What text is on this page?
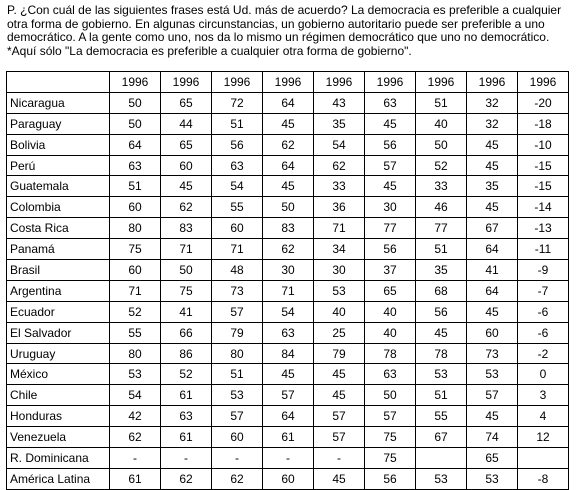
P. ¿Con cuál de las siguientes frases está Ud. más de acuerdo? La democracia es preferible a cualquier otra forma de gobierno. En algunas circunstancias, un gobierno autoritario puede ser preferible a uno democrático. A la gente como uno, nos da lo mismo un régimen democrático que uno no democrático. *Aquí sólo "La democracia es preferible a cualquier otra forma de gobierno".
	1996	1996	1996	1996	1996	1996	1996	1996	1996
Nicaragua	50	65	72	64	43	63	51	32	-20
Paraguay	50	44	51	45	35	45	40	32	-18
Bolivia	64	65	56	62	54	56	50	45	-10
Perú	63	60	63	64	62	57	52	45	-15
Guatemala	51	45	54	45	33	45	33	35	-15
Colombia	60	62	55	50	36	30	46	45	-14
Costa Rica	80	83	60	83	71	77	77	67	-13
Panamá	75	71	71	62	34	56	51	64	-11
Brasil	60	50	48	30	30	37	35	41	-9
Argentina	71	75	73	71	53	65	68	64	-7
Ecuador	52	41	57	54	40	40	56	45	-6
El Salvador	55	66	79	63	25	40	45	60	-6
Uruguay	80	86	80	84	79	78	78	73	-2
México	53	52	51	45	45	63	53	53	0
Chile	54	61	53	57	45	50	51	57	3
Honduras	42	63	57	64	57	57	55	45	4
Venezuela	62	61	60	61	57	75	67	74	12
R. Dominicana	-	-	-	-	-	75		65	
América Latina	61	62	62	60	45	56	53	53	-8
